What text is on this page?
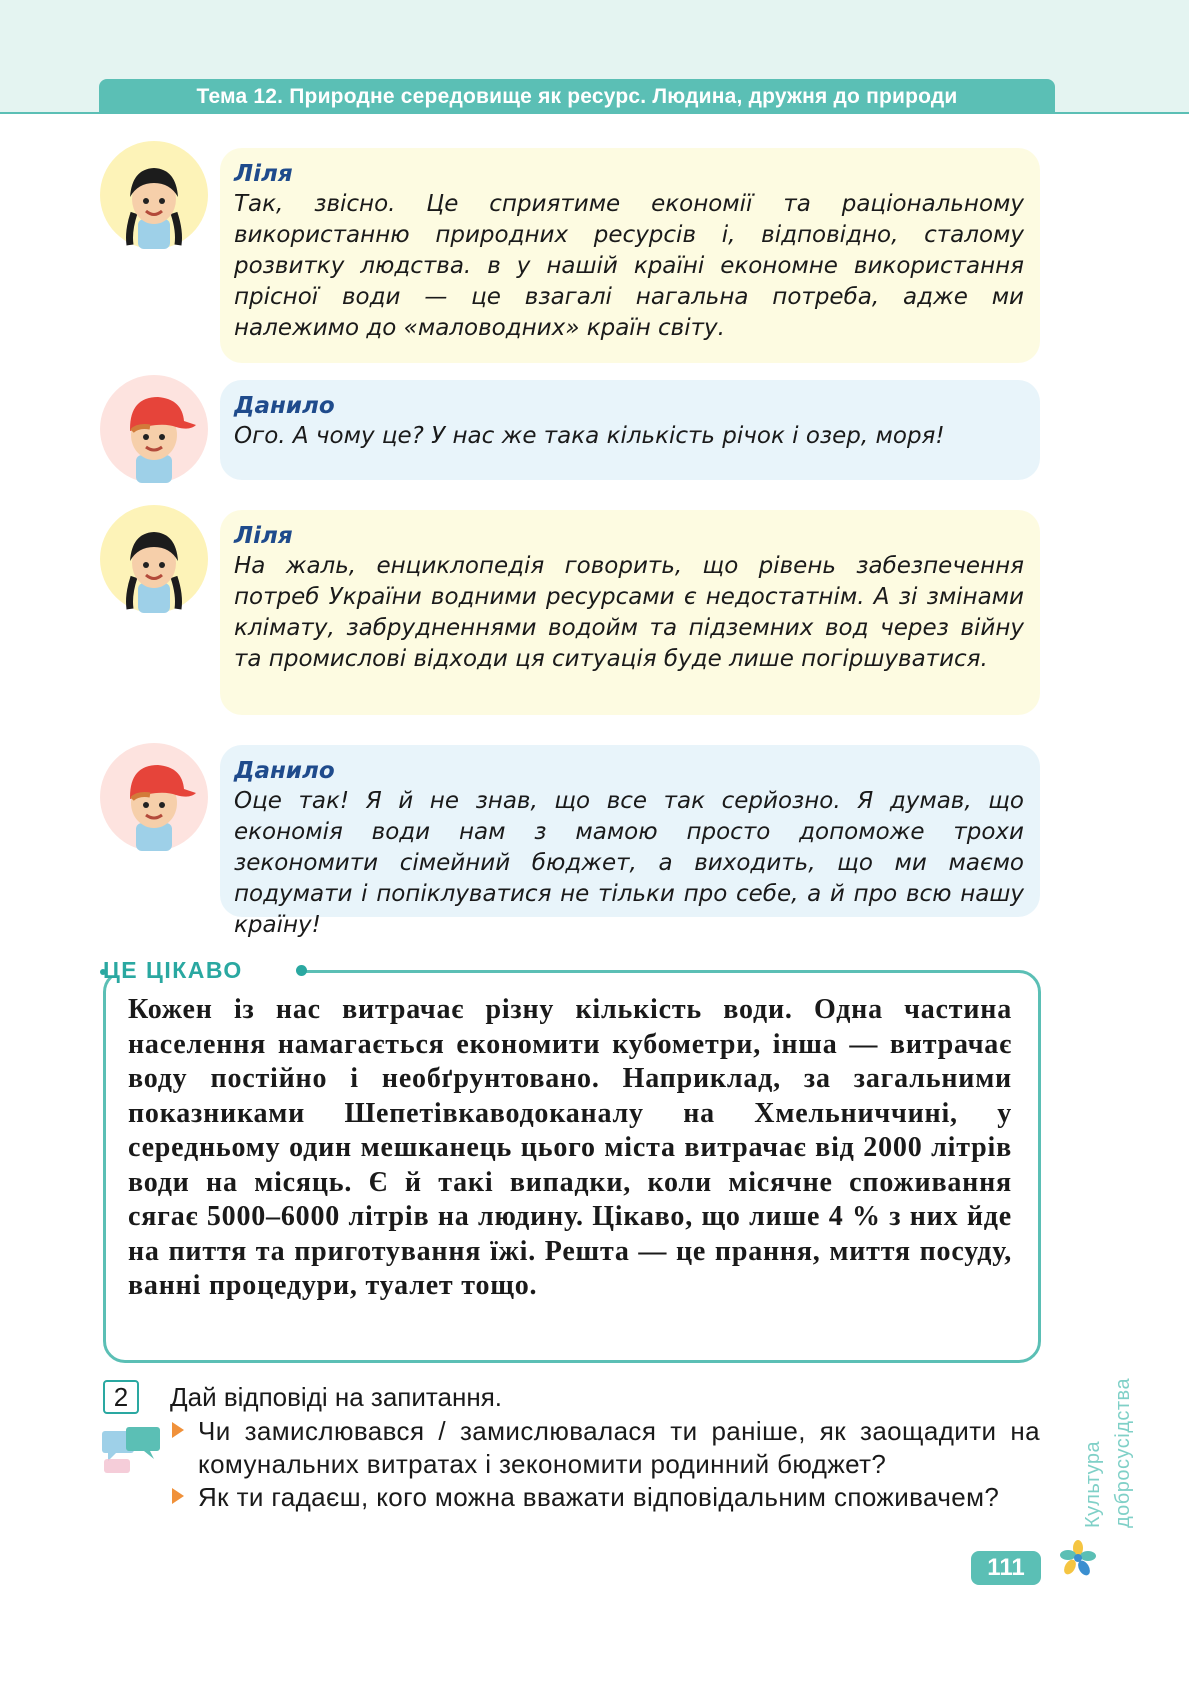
Тема 12. Природне середовище як ресурс. Людина, дружня до природи
Ліля
Так, звісно. Це сприятиме економії та раціональному використанню природних ресурсів і, відповідно, сталому розвитку людства. в у нашій країні економне використання прісної води — це взагалі нагальна потреба, адже ми належимо до «маловодних» країн світу.
Данило
Ого. А чому це? У нас же така кількість річок і озер, моря!
Ліля
На жаль, енциклопедія говорить, що рівень забезпечення потреб України водними ресурсами є недостатнім. А зі змінами клімату, забрудненнями водойм та підземних вод через війну та промислові відходи ця ситуація буде лише погіршуватися.
Данило
Оце так! Я й не знав, що все так серйозно. Я думав, що економія води нам з мамою просто допоможе трохи зекономити сімейний бюджет, а виходить, що ми маємо подумати і попіклуватися не тільки про себе, а й про всю нашу країну!
ЦЕ ЦІКАВО
Кожен із нас витрачає різну кількість води. Одна частина населення намагається економити кубометри, інша — витрачає воду постійно і необґрунтовано. Наприклад, за загальними показниками Шепетівкаводоканалу на Хмельниччині, у середньому один мешканець цього міста витрачає від 2000 літрів води на місяць. Є й такі випадки, коли місячне споживання сягає 5000–6000 літрів на людину. Цікаво, що лише 4 % з них йде на пиття та приготування їжі. Решта — це прання, миття посуду, ванні процедури, туалет тощо.
2	Дай відповіді на запитання.
Чи замислювався / замислювалася ти раніше, як заощадити на комунальних витратах і зекономити родинний бюджет?
Як ти гадаєш, кого можна вважати відповідальним споживачем?	Культура добросусідства
111
